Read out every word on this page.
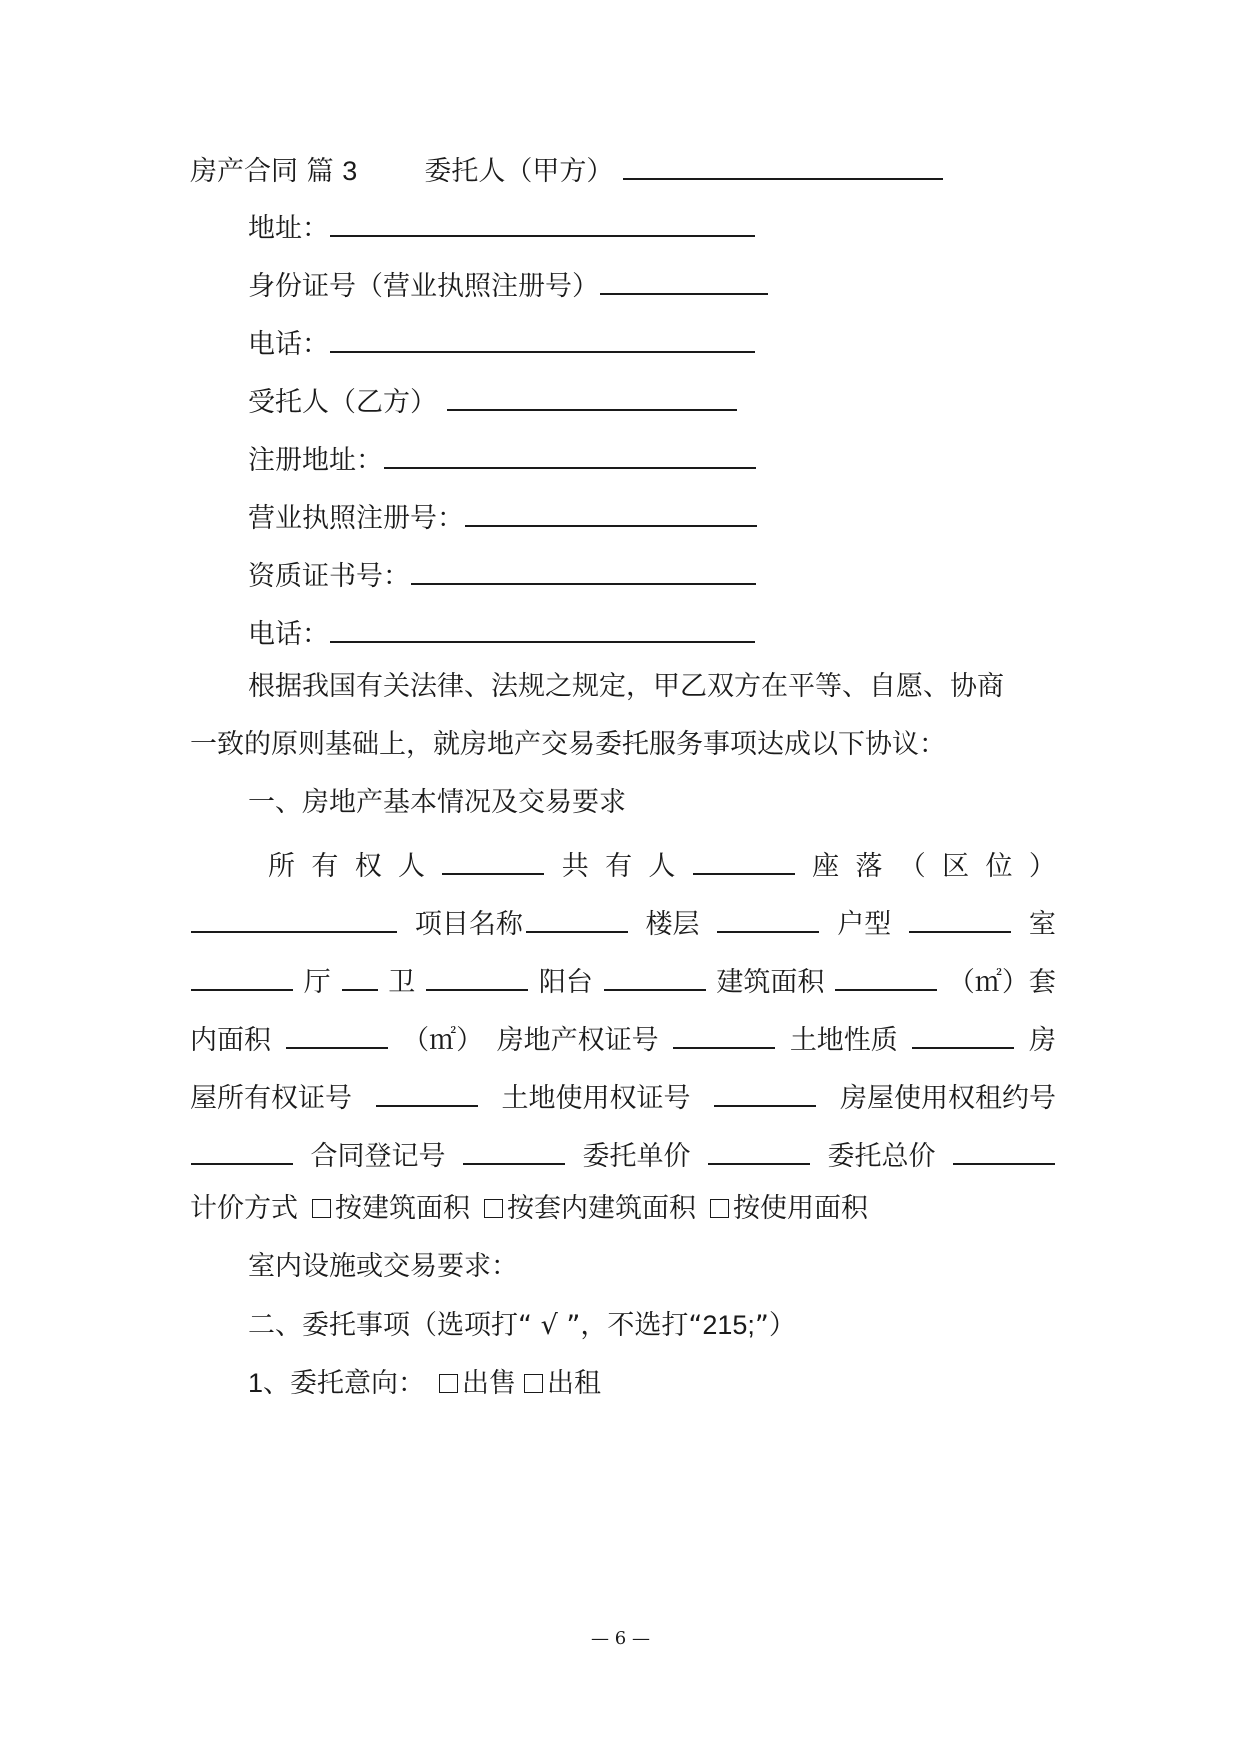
房产合同 篇 3 委托人（甲方）
地址：
身份证号（营业执照注册号）
电话：
受托人（乙方）
注册地址：
营业执照注册号：
资质证书号：
电话：
根据我国有关法律、法规之规定，甲乙双方在平等、自愿、协商
一致的原则基础上，就房地产交易委托服务事项达成以下协议：
一、房地产基本情况及交易要求
所 有 权 人	共 有 人	座 落 （ 区 位 ）
项目名称	楼层	户型	室
厅 卫	阳台	建筑面积	（㎡）套
内面积	（㎡） 房地产权证号	土地性质	房
屋所有权证号	土地使用权证号	房屋使用权租约号
合同登记号	委托单价	委托总价
计价方式 按建筑面积 按套内建筑面积 按使用面积
室内设施或交易要求：
二、委托事项（选项打“ √ ”，不选打“215;”）
1、委托意向： 出售 出租
— 6 —
